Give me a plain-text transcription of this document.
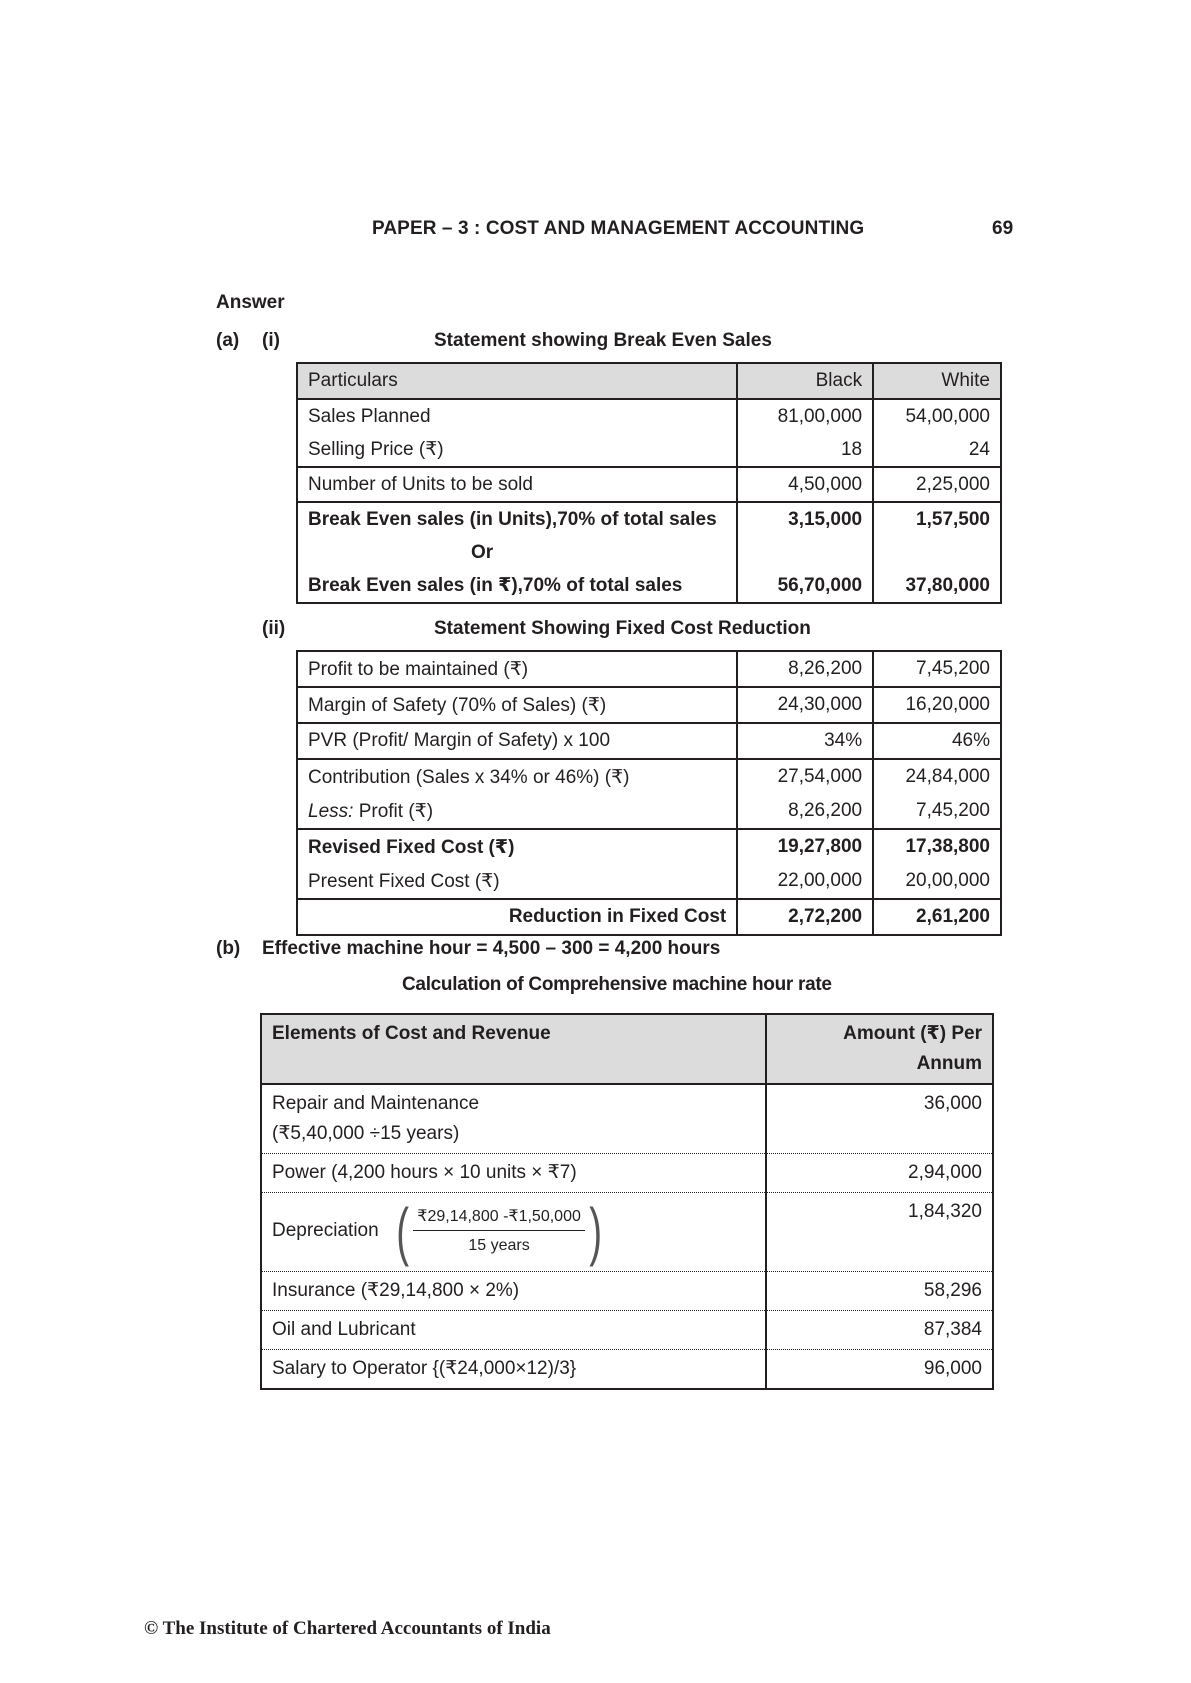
PAPER – 3 : COST AND MANAGEMENT ACCOUNTING	69
Answer
(a) (i)	Statement showing Break Even Sales
Particulars	Black	White
Sales Planned	81,00,000	54,00,000
Selling Price (₹)	18	24
Number of Units to be sold	4,50,000	2,25,000
Break Even sales (in Units),70% of total sales	3,15,000	1,57,500
Or		
Break Even sales (in ₹),70% of total sales	56,70,000	37,80,000
(ii)	Statement Showing Fixed Cost Reduction
Profit to be maintained (₹)	8,26,200	7,45,200
Margin of Safety (70% of Sales) (₹)	24,30,000	16,20,000
PVR (Profit/ Margin of Safety) x 100	34%	46%
Contribution (Sales x 34% or 46%) (₹)	27,54,000	24,84,000
Less: Profit (₹)	8,26,200	7,45,200
Revised Fixed Cost (₹)	19,27,800	17,38,800
Present Fixed Cost (₹)	22,00,000	20,00,000
Reduction in Fixed Cost	2,72,200	2,61,200
(b) Effective machine hour = 4,500 – 300 = 4,200 hours
Calculation of Comprehensive machine hour rate
Elements of Cost and Revenue	Amount (₹) Per
Annum

Repair and Maintenance
(₹5,40,000 ÷15 years)	36,000
Power (4,200 hours × 10 units × ₹7)	2,94,000
Depreciation ( $\frac{₹29,14,800 -₹1,50,000}{\text{15 years}}$ )	1,84,320
Insurance (₹29,14,800 × 2%)	58,296
Oil and Lubricant	87,384
Salary to Operator {(₹24,000×12)/3}	96,000
© The Institute of Chartered Accountants of India
